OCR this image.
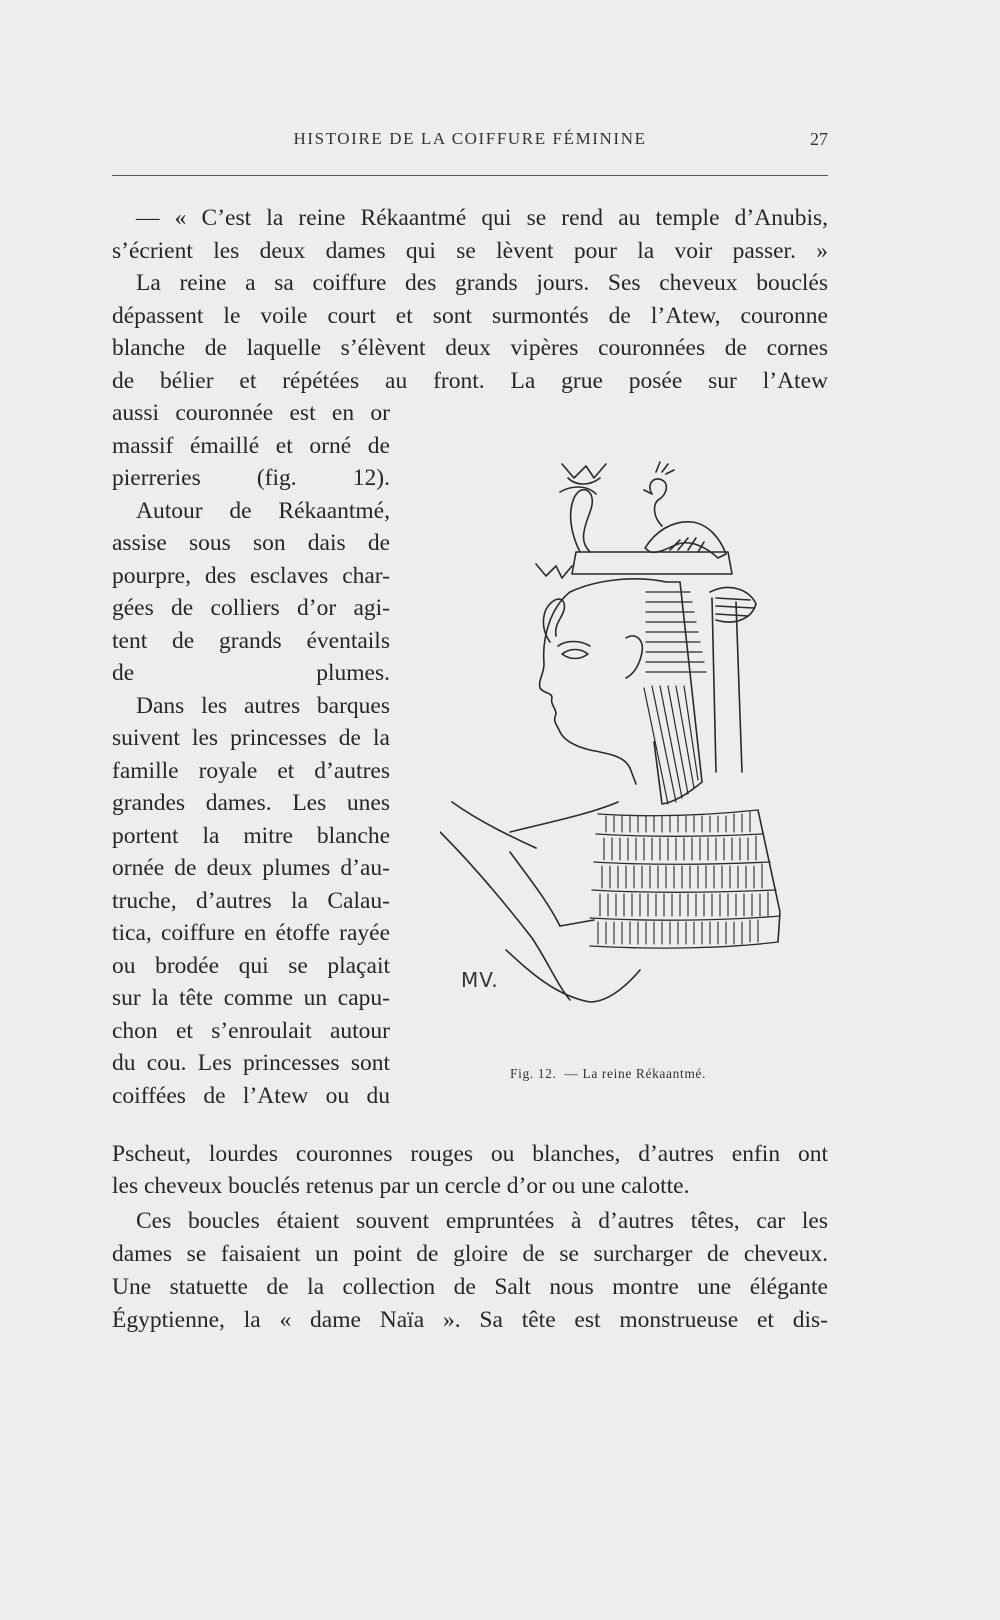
HISTOIRE DE LA COIFFURE FÉMININE	27
— « C’est la reine Rékaantmé qui se rend au temple d’Anubis,
s’écrient les deux dames qui se lèvent pour la voir passer. »
La reine a sa coiffure des grands jours. Ses cheveux bouclés
dépassent le voile court et sont surmontés de l’Atew, couronne
blanche de laquelle s’élèvent deux vipères couronnées de cornes
de bélier et répétées au front. La grue posée sur l’Atew
aussi couronnée est en or
massif émaillé et orné de
pierreries (fig. 12).
Autour de Rékaantmé,
assise sous son dais de
pourpre, des esclaves char-
gées de colliers d’or agi-
tent de grands éventails
de plumes.
Dans les autres barques
suivent les princesses de la
famille royale et d’autres
grandes dames. Les unes
portent la mitre blanche
ornée de deux plumes d’au-
truche, d’autres la Calau-
tica, coiffure en étoffe rayée
ou brodée qui se plaçait
sur la tête comme un capu-
chon et s’enroulait autour
du cou. Les princesses sont
coiffées de l’Atew ou du
Pscheut, lourdes couronnes rouges ou blanches, d’autres enfin ont
les cheveux bouclés retenus par un cercle d’or ou une calotte.
Ces boucles étaient souvent empruntées à d’autres têtes, car les
dames se faisaient un point de gloire de se surcharger de cheveux.
Une statuette de la collection de Salt nous montre une élégante
Égyptienne, la « dame Naïa ». Sa tête est monstrueuse et dis-
MV.
Fig. 12. — La reine Rékaantmé.
